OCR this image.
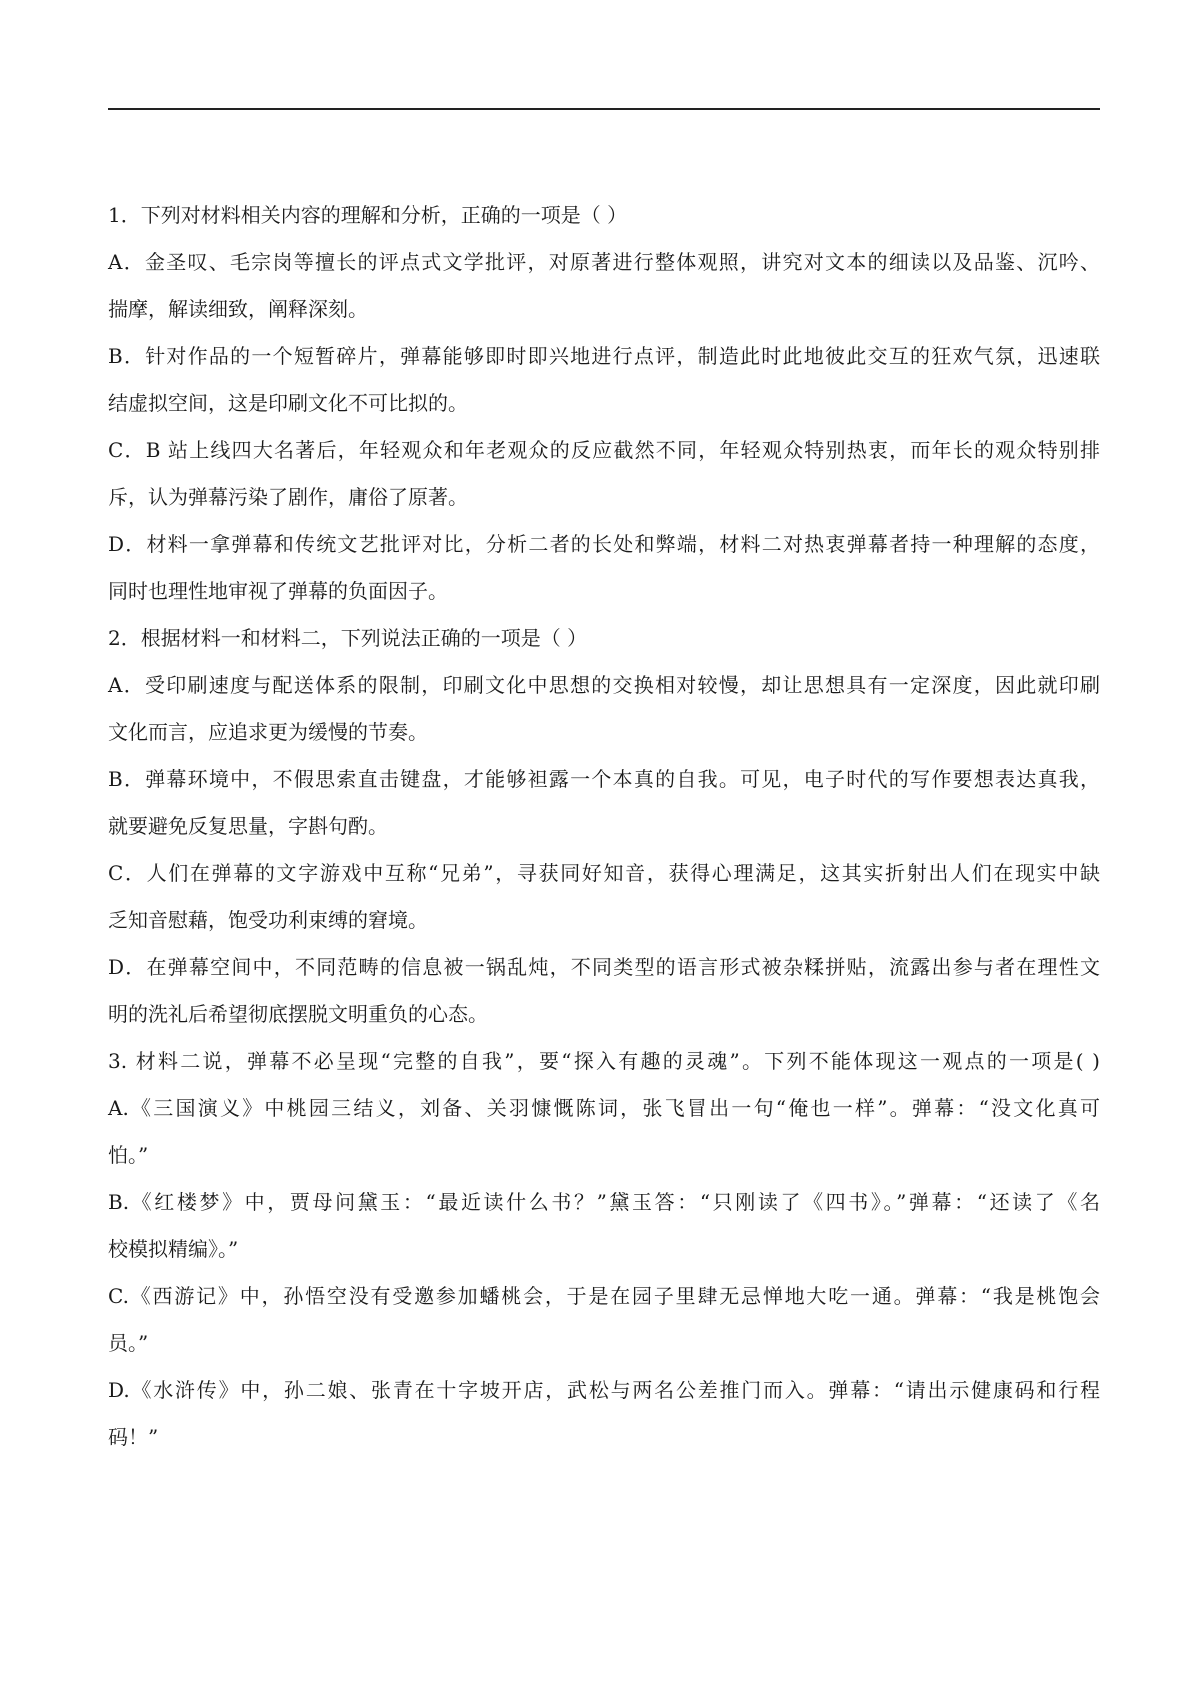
1．下列对材料相关内容的理解和分析，正确的一项是（ ）
A．金圣叹、毛宗岗等擅长的评点式文学批评，对原著进行整体观照，讲究对文本的细读以及品鉴、沉吟、
揣摩，解读细致，阐释深刻。
B．针对作品的一个短暂碎片，弹幕能够即时即兴地进行点评，制造此时此地彼此交互的狂欢气氛，迅速联
结虚拟空间，这是印刷文化不可比拟的。
C．B 站上线四大名著后，年轻观众和年老观众的反应截然不同，年轻观众特别热衷，而年长的观众特别排
斥，认为弹幕污染了剧作，庸俗了原著。
D．材料一拿弹幕和传统文艺批评对比，分析二者的长处和弊端，材料二对热衷弹幕者持一种理解的态度，
同时也理性地审视了弹幕的负面因子。
2．根据材料一和材料二，下列说法正确的一项是（ ）
A．受印刷速度与配送体系的限制，印刷文化中思想的交换相对较慢，却让思想具有一定深度，因此就印刷
文化而言，应追求更为缓慢的节奏。
B．弹幕环境中，不假思索直击键盘，才能够袒露一个本真的自我。可见，电子时代的写作要想表达真我，
就要避免反复思量，字斟句酌。
C．人们在弹幕的文字游戏中互称“兄弟”，寻获同好知音，获得心理满足，这其实折射出人们在现实中缺
乏知音慰藉，饱受功利束缚的窘境。
D．在弹幕空间中，不同范畴的信息被一锅乱炖，不同类型的语言形式被杂糅拼贴，流露出参与者在理性文
明的洗礼后希望彻底摆脱文明重负的心态。
3. 材料二说，弹幕不必呈现“完整的自我”，要“探入有趣的灵魂”。下列不能体现这一观点的一项是( )
A.《三国演义》中桃园三结义，刘备、关羽慷慨陈词，张飞冒出一句“俺也一样”。弹幕：“没文化真可
怕。”
B.《红楼梦》中，贾母问黛玉：“最近读什么书？”黛玉答：“只刚读了《四书》。”弹幕：“还读了《名
校模拟精编》。”
C.《西游记》中，孙悟空没有受邀参加蟠桃会，于是在园子里肆无忌惮地大吃一通。弹幕：“我是桃饱会
员。”
D.《水浒传》中，孙二娘、张青在十字坡开店，武松与两名公差推门而入。弹幕：“请出示健康码和行程
码！”
